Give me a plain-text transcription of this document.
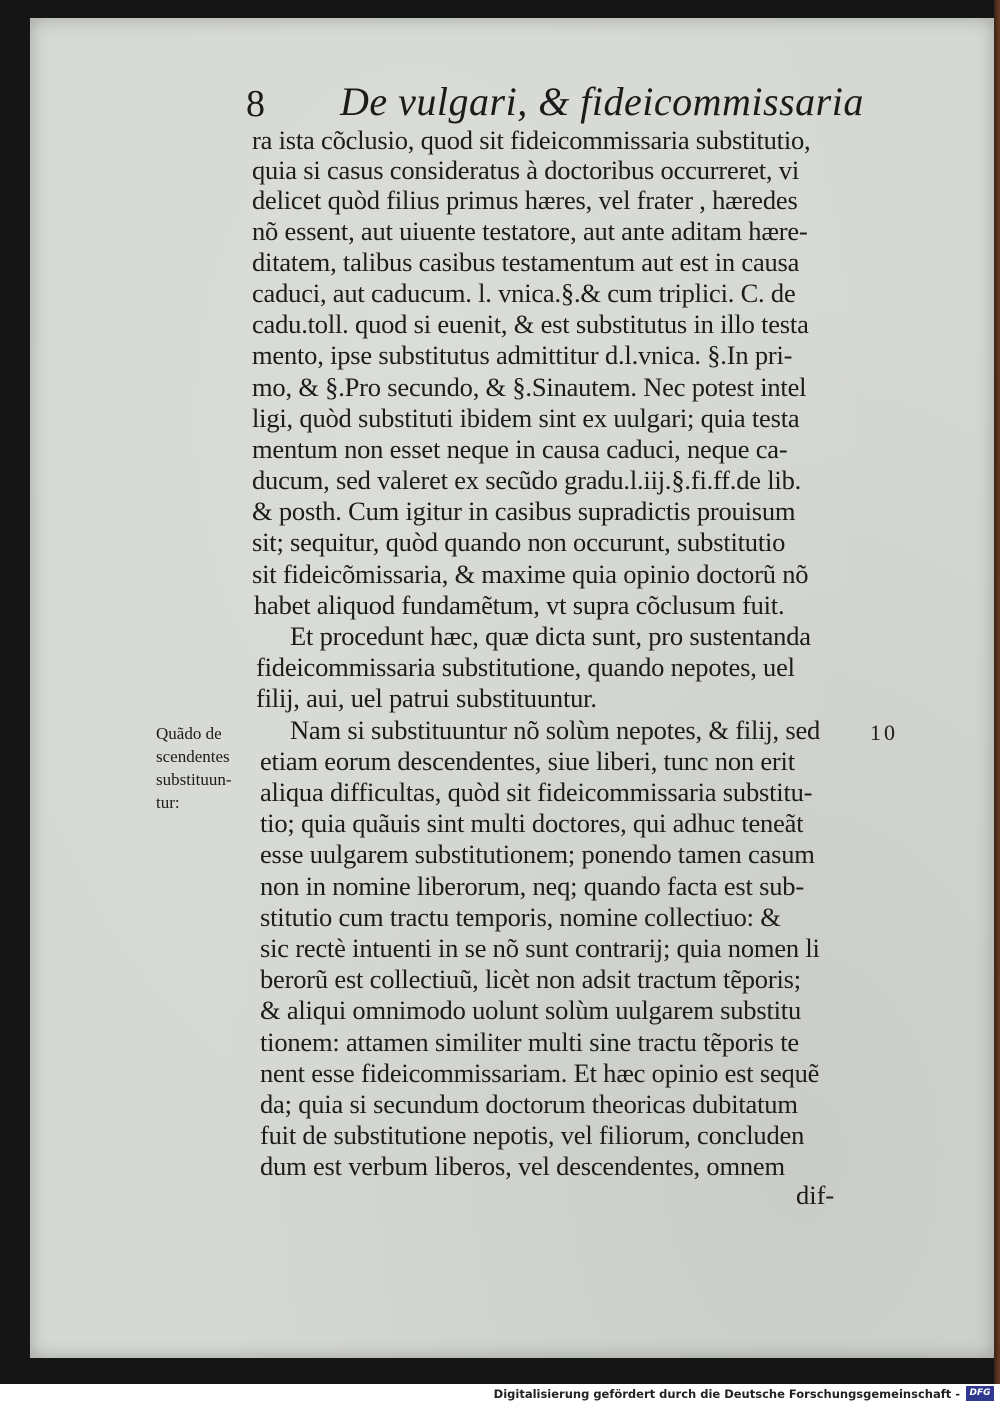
8 De vulgari, & fideicommissaria
ra ista cõclusio, quod sit fideicommissaria substitutio,
quia si casus consideratus à doctoribus occurreret, vi
delicet quòd filius primus hæres, vel frater , hæredes
nõ essent, aut uiuente testatore, aut ante aditam hære-
ditatem, talibus casibus testamentum aut est in causa
caduci, aut caducum. l. vnica.§.& cum triplici. C. de
cadu.toll. quod si euenit, & est substitutus in illo testa
mento, ipse substitutus admittitur d.l.vnica. §.In pri-
mo, & §.Pro secundo, & §.Sinautem. Nec potest intel
ligi, quòd substituti ibidem sint ex uulgari; quia testa
mentum non esset neque in causa caduci, neque ca-
ducum, sed valeret ex secũdo gradu.l.iij.§.fi.ff.de lib.
& posth. Cum igitur in casibus supradictis prouisum
sit; sequitur, quòd quando non occurunt, substitutio
sit fideicõmissaria, & maxime quia opinio doctorũ nõ
habet aliquod fundamẽtum, vt supra cõclusum fuit.
Et procedunt hæc, quæ dicta sunt, pro sustentanda
fideicommissaria substitutione, quando nepotes, uel
filij, aui, uel patrui substituuntur.
Nam si substituuntur nõ solùm nepotes, & filij, sed
etiam eorum descendentes, siue liberi, tunc non erit
aliqua difficultas, quòd sit fideicommissaria substitu-
tio; quia quãuis sint multi doctores, qui adhuc teneãt
esse uulgarem substitutionem; ponendo tamen casum
non in nomine liberorum, neq; quando facta est sub-
stitutio cum tractu temporis, nomine collectiuo: &
sic rectè intuenti in se nõ sunt contrarij; quia nomen li
berorũ est collectiuũ, licèt non adsit tractum tẽporis;
& aliqui omnimodo uolunt solùm uulgarem substitu
tionem: attamen similiter multi sine tractu tẽporis te
nent esse fideicommissariam. Et hæc opinio est sequẽ
da; quia si secundum doctorum theoricas dubitatum
fuit de substitutione nepotis, vel filiorum, concluden
dum est verbum liberos, vel descendentes, omnem
dif-
Quãdo de
scendentes
substituun-
tur:
10
Digitalisierung gefördert durch die Deutsche Forschungsgemeinschaft -	DFG
